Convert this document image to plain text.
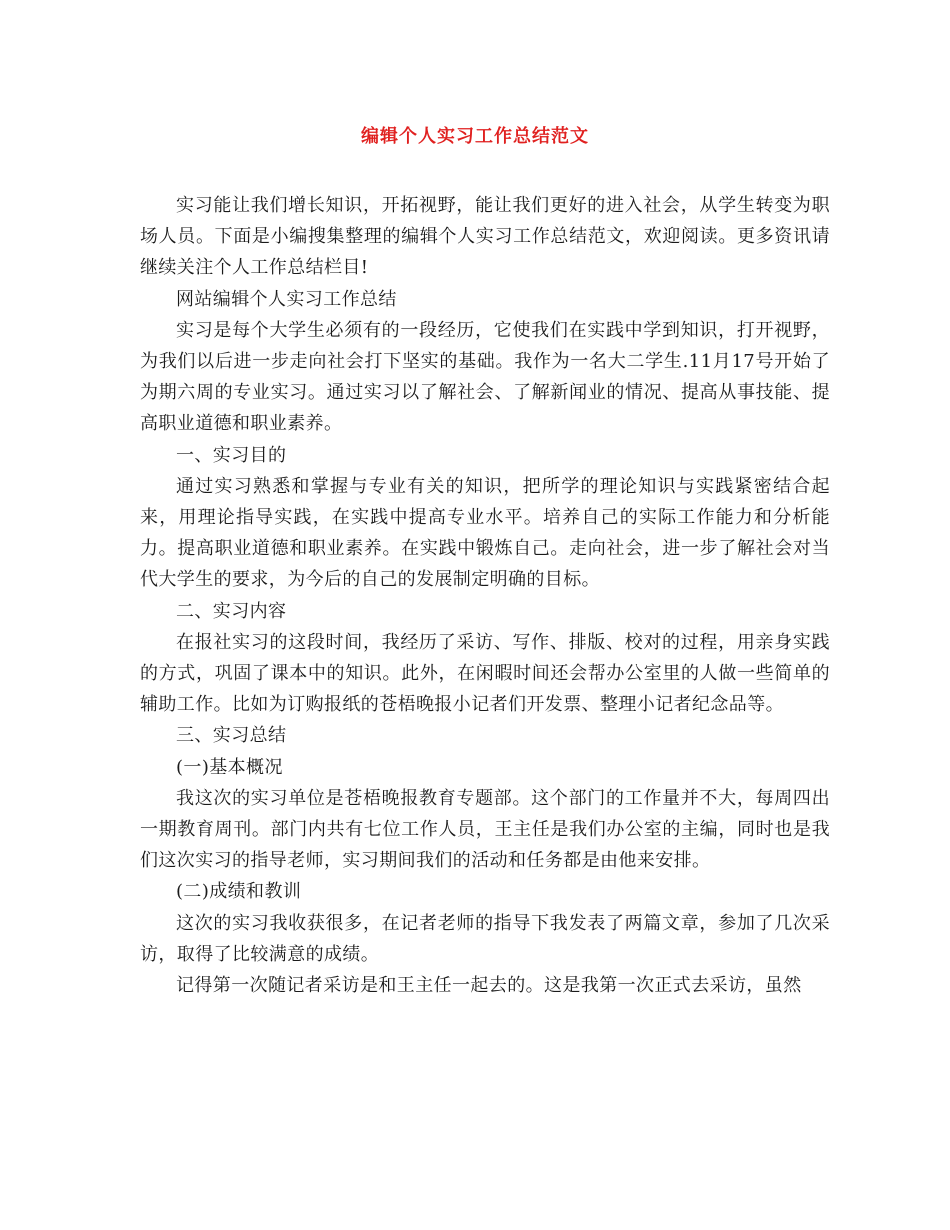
编辑个人实习工作总结范文

实习能让我们增长知识，开拓视野，能让我们更好的进入社会，从学生转变为职场人员。下面是小编搜集整理的编辑个人实习工作总结范文，欢迎阅读。更多资讯请继续关注个人工作总结栏目!

网站编辑个人实习工作总结

实习是每个大学生必须有的一段经历，它使我们在实践中学到知识，打开视野，为我们以后进一步走向社会打下坚实的基础。我作为一名大二学生.11月17号开始了为期六周的专业实习。通过实习以了解社会、了解新闻业的情况、提高从事技能、提高职业道德和职业素养。

一、实习目的

通过实习熟悉和掌握与专业有关的知识，把所学的理论知识与实践紧密结合起来，用理论指导实践，在实践中提高专业水平。培养自己的实际工作能力和分析能力。提高职业道德和职业素养。在实践中锻炼自己。走向社会，进一步了解社会对当代大学生的要求，为今后的自己的发展制定明确的目标。

二、实习内容

在报社实习的这段时间，我经历了采访、写作、排版、校对的过程，用亲身实践的方式，巩固了课本中的知识。此外，在闲暇时间还会帮办公室里的人做一些简单的辅助工作。比如为订购报纸的苍梧晚报小记者们开发票、整理小记者纪念品等。

三、实习总结

(一)基本概况

我这次的实习单位是苍梧晚报教育专题部。这个部门的工作量并不大，每周四出一期教育周刊。部门内共有七位工作人员，王主任是我们办公室的主编，同时也是我们这次实习的指导老师，实习期间我们的活动和任务都是由他来安排。

(二)成绩和教训

这次的实习我收获很多，在记者老师的指导下我发表了两篇文章，参加了几次采访，取得了比较满意的成绩。

记得第一次随记者采访是和王主任一起去的。这是我第一次正式去采访，虽然
